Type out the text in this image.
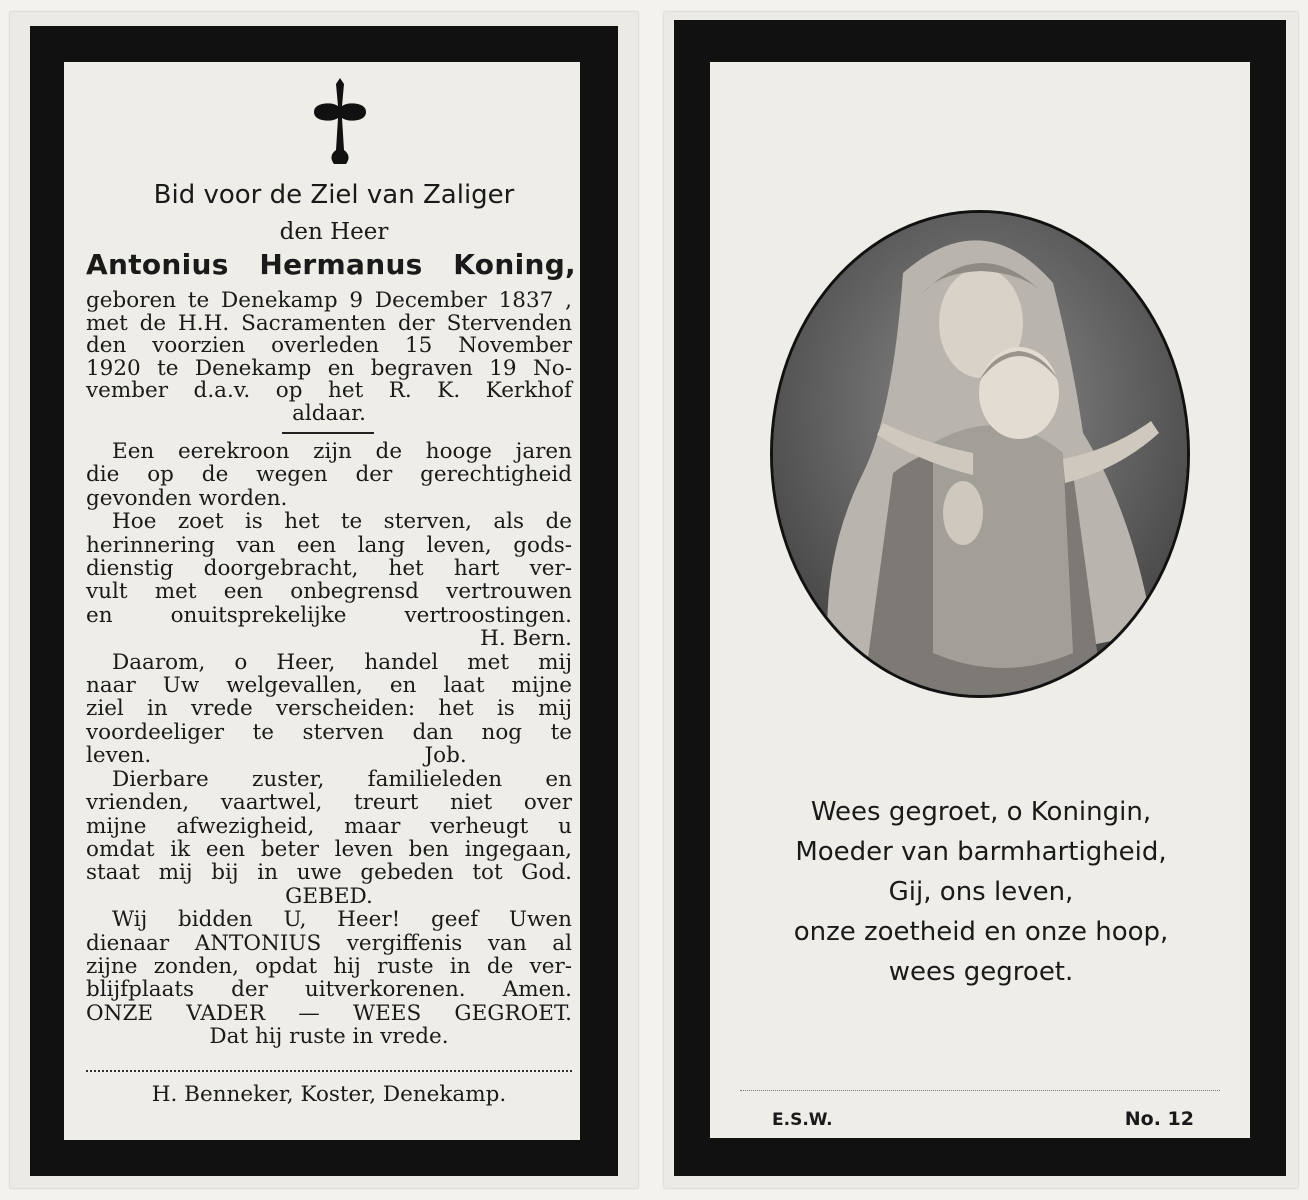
Bid voor de Ziel van Zaliger
den Heer
Antonius Hermanus Koning,
geboren te Denekamp 9 December 1837 ,
met de H.H. Sacramenten der Stervenden
den voorzien overleden 15 November
1920 te Denekamp en begraven 19 No-
vember d.a.v. op het R. K. Kerkhof
aldaar.
Een eerekroon zijn de hooge jaren
die op de wegen der gerechtigheid
gevonden worden.
Hoe zoet is het te sterven, als de
herinnering van een lang leven, gods-
dienstig doorgebracht, het hart ver-
vult met een onbegrensd vertrouwen
en onuitsprekelijke vertroostingen.
H. Bern.
Daarom, o Heer, handel met mij
naar Uw welgevallen, en laat mijne
ziel in vrede verscheiden: het is mij
voordeeliger te sterven dan nog te
leven.                                        Job.
Dierbare zuster, familieleden en
vrienden, vaartwel, treurt niet over
mijne afwezigheid, maar verheugt u
omdat ik een beter leven ben ingegaan,
staat mij bij in uwe gebeden tot God.
GEBED.
Wij bidden U, Heer! geef Uwen
dienaar ANTONIUS vergiffenis van al
zijne zonden, opdat hij ruste in de ver-
blijfplaats der uitverkorenen. Amen.
ONZE VADER — WEES GEGROET.
Dat hij ruste in vrede.
H. Benneker, Koster, Denekamp.
Wees gegroet, o Koningin,
Moeder van barmhartigheid,
Gij, ons leven,
onze zoetheid en onze hoop,
wees gegroet.
E.S.W.	No. 12
